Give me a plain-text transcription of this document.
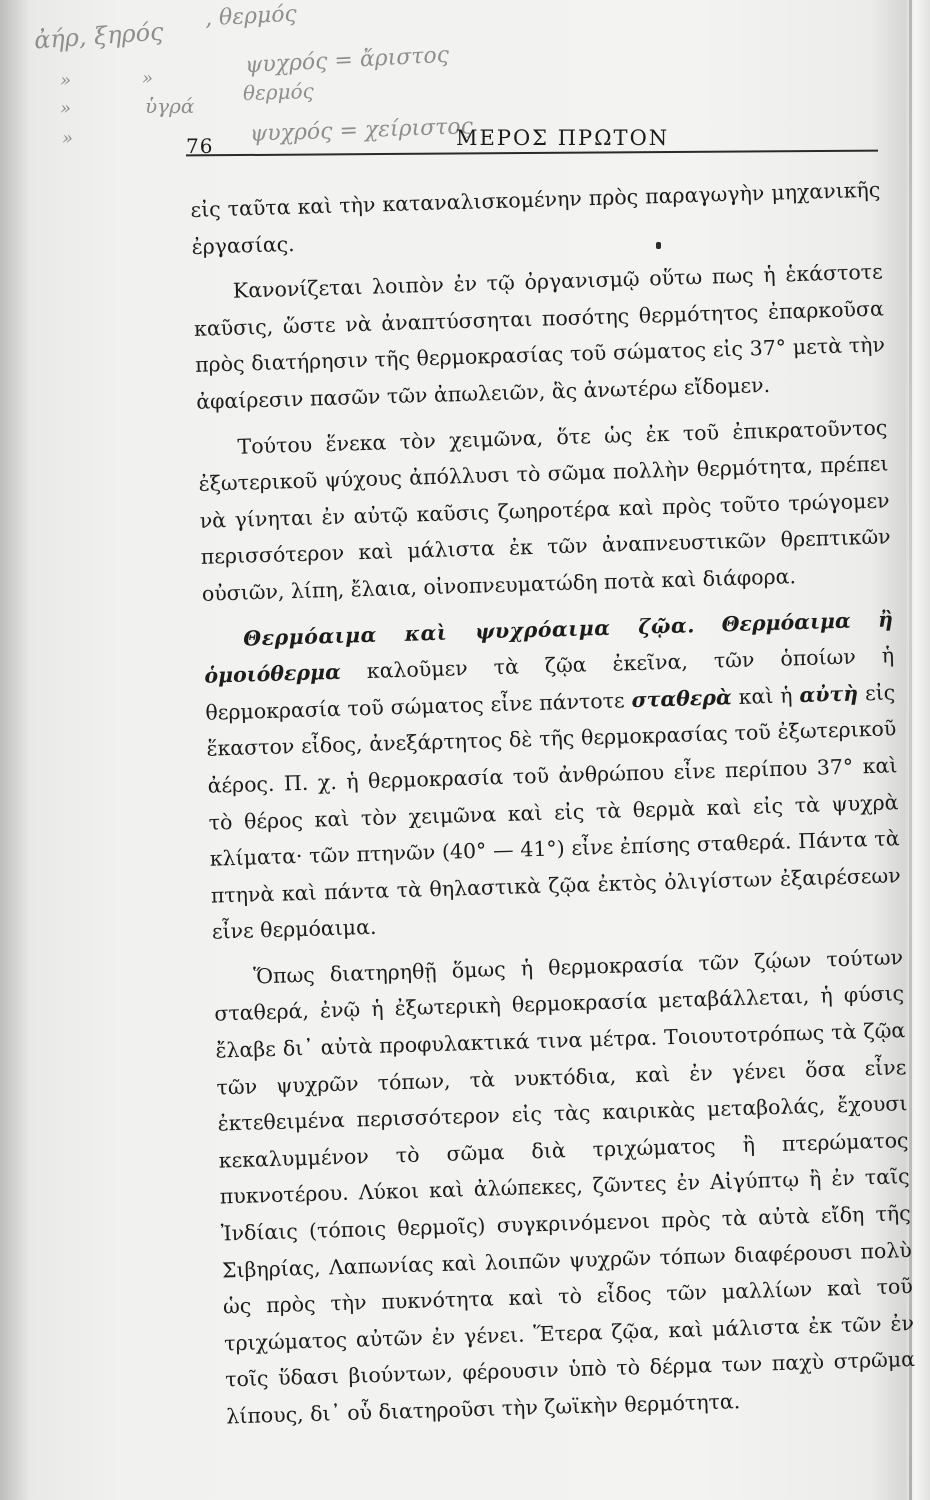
ἀήρ, ξηρός
, θερμός
ψυχρός = ἄριστος
θερμός
ὑγρά
ψυχρός = χείριστος
»
»
»
»
76	ΜΕΡΟΣ ΠΡΩΤΟΝ

εἰς ταῦτα καὶ τὴν καταναλισκομένην πρὸς παραγωγὴν μηχανικῆς ἐργασίας.

Κανονίζεται λοιπὸν ἐν τῷ ὀργανισμῷ οὕτω πως ἡ ἑκάστοτε καῦσις, ὥστε νὰ ἀναπτύσσηται ποσότης θερμότητος ἐπαρκοῦσα πρὸς διατήρησιν τῆς θερμοκρασίας τοῦ σώματος εἰς 37° μετὰ τὴν ἀφαίρεσιν πασῶν τῶν ἀπωλειῶν, ἃς ἀνωτέρω εἴδομεν.

Τούτου ἕνεκα τὸν χειμῶνα, ὅτε ὡς ἐκ τοῦ ἐπικρατοῦντος ἐξωτερικοῦ ψύχους ἀπόλλυσι τὸ σῶμα πολλὴν θερμότητα, πρέπει νὰ γίνηται ἐν αὐτῷ καῦσις ζωηροτέρα καὶ πρὸς τοῦτο τρώγομεν περισσότερον καὶ μάλιστα ἐκ τῶν ἀναπνευστικῶν θρεπτικῶν οὐσιῶν, λίπη, ἔλαια, οἰνοπνευματώδη ποτὰ καὶ διάφορα.

Θερμόαιμα καὶ ψυχρόαιμα ζῷα. Θερμόαιμα ἢ ὁμοιόθερμα καλοῦμεν τὰ ζῷα ἐκεῖνα, τῶν ὁποίων ἡ θερμοκρασία τοῦ σώματος εἶνε πάντοτε σταθερὰ καὶ ἡ αὐτὴ εἰς ἕκαστον εἶδος, ἀνεξάρτητος δὲ τῆς θερμοκρασίας τοῦ ἐξωτερικοῦ ἀέρος. Π. χ. ἡ θερμοκρασία τοῦ ἀνθρώπου εἶνε περίπου 37° καὶ τὸ θέρος καὶ τὸν χειμῶνα καὶ εἰς τὰ θερμὰ καὶ εἰς τὰ ψυχρὰ κλίματα· τῶν πτηνῶν (40° — 41°) εἶνε ἐπίσης σταθερά. Πάντα τὰ πτηνὰ καὶ πάντα τὰ θηλαστικὰ ζῷα ἐκτὸς ὀλιγίστων ἐξαιρέσεων εἶνε θερμόαιμα.

Ὅπως διατηρηθῇ ὅμως ἡ θερμοκρασία τῶν ζῴων τούτων σταθερά, ἐνῷ ἡ ἐξωτερικὴ θερμοκρασία μεταβάλλεται, ἡ φύσις ἔλαβε δι᾽ αὐτὰ προφυλακτικά τινα μέτρα. Τοιουτοτρόπως τὰ ζῷα τῶν ψυχρῶν τόπων, τὰ νυκτόδια, καὶ ἐν γένει ὅσα εἶνε ἐκτεθειμένα περισσότερον εἰς τὰς καιρικὰς μεταβολάς, ἔχουσι κεκαλυμμένον τὸ σῶμα διὰ τριχώματος ἢ πτερώματος πυκνοτέρου. Λύκοι καὶ ἀλώπεκες, ζῶντες ἐν Αἰγύπτῳ ἢ ἐν ταῖς Ἰνδίαις (τόποις θερμοῖς) συγκρινόμενοι πρὸς τὰ αὐτὰ εἴδη τῆς Σιβηρίας, Λαπωνίας καὶ λοιπῶν ψυχρῶν τόπων διαφέρουσι πολὺ ὡς πρὸς τὴν πυκνότητα καὶ τὸ εἶδος τῶν μαλλίων καὶ τοῦ τριχώματος αὐτῶν ἐν γένει. Ἕτερα ζῷα, καὶ μάλιστα ἐκ τῶν ἐν τοῖς ὕδασι βιούντων, φέρουσιν ὑπὸ τὸ δέρμα των παχὺ στρῶμα λίπους, δι᾽ οὗ διατηροῦσι τὴν ζωϊκὴν θερμότητα.
